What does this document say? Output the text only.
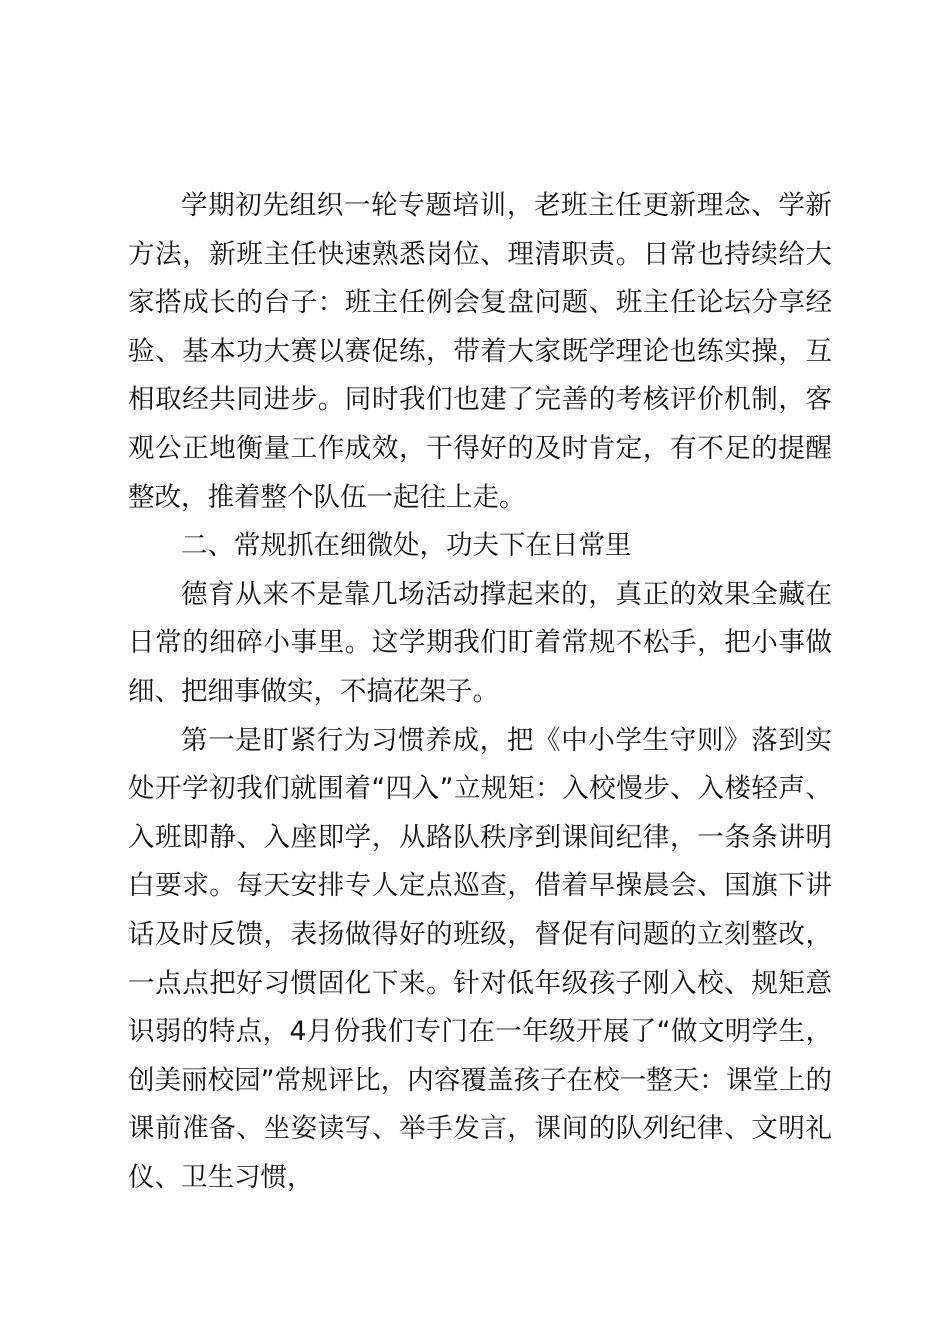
学期初先组织一轮专题培训，老班主任更新理念、学新方法，新班主任快速熟悉岗位、理清职责。日常也持续给大家搭成长的台子：班主任例会复盘问题、班主任论坛分享经验、基本功大赛以赛促练，带着大家既学理论也练实操，互相取经共同进步。同时我们也建了完善的考核评价机制，客观公正地衡量工作成效，干得好的及时肯定，有不足的提醒整改，推着整个队伍一起往上走。

二、常规抓在细微处，功夫下在日常里

德育从来不是靠几场活动撑起来的，真正的效果全藏在日常的细碎小事里。这学期我们盯着常规不松手，把小事做细、把细事做实，不搞花架子。

第一是盯紧行为习惯养成，把《中小学生守则》落到实处开学初我们就围着“四入”立规矩：入校慢步、入楼轻声、入班即静、入座即学，从路队秩序到课间纪律，一条条讲明白要求。每天安排专人定点巡查，借着早操晨会、国旗下讲话及时反馈，表扬做得好的班级，督促有问题的立刻整改，一点点把好习惯固化下来。针对低年级孩子刚入校、规矩意识弱的特点，4月份我们专门在一年级开展了“做文明学生，创美丽校园”常规评比，内容覆盖孩子在校一整天：课堂上的课前准备、坐姿读写、举手发言，课间的队列纪律、文明礼仪、卫生习惯，
